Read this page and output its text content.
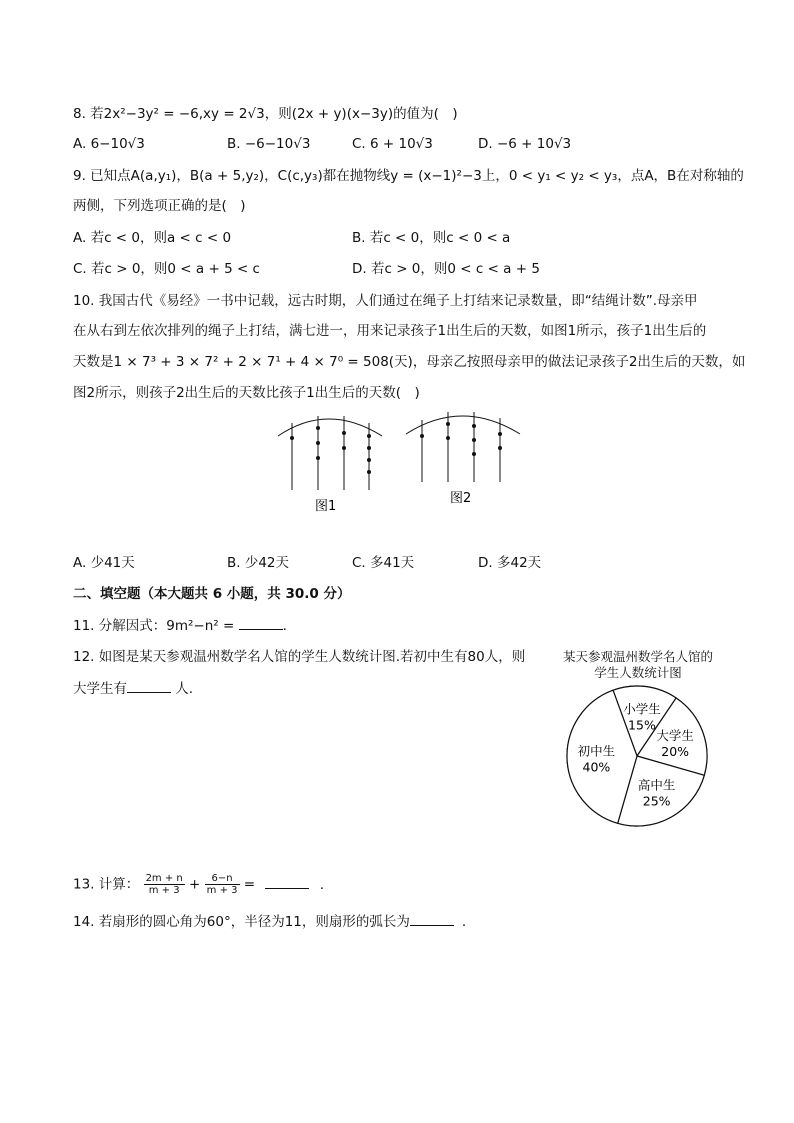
8. 若2x²−3y² = −6,xy = 2√3，则(2x + y)(x−3y)的值为(　)
A. 6−10√3	B. −6−10√3	C. 6 + 10√3	D. −6 + 10√3
9. 已知点A(a,y₁)，B(a + 5,y₂)，C(c,y₃)都在抛物线y = (x−1)²−3上，0 < y₁ < y₂ < y₃，点A，B在对称轴的
两侧，下列选项正确的是(　)
A. 若c < 0，则a < c < 0	B. 若c < 0，则c < 0 < a
C. 若c > 0，则0 < a + 5 < c	D. 若c > 0，则0 < c < a + 5
10. 我国古代《易经》一书中记载，远古时期，人们通过在绳子上打结来记录数量，即“结绳计数”.母亲甲
在从右到左依次排列的绳子上打结，满七进一，用来记录孩子1出生后的天数，如图1所示，孩子1出生后的
天数是1 × 7³ + 3 × 7² + 2 × 7¹ + 4 × 7⁰ = 508(天)，母亲乙按照母亲甲的做法记录孩子2出生后的天数，如
图2所示，则孩子2出生后的天数比孩子1出生后的天数(　)
图1
图2
A. 少41天	B. 少42天	C. 多41天	D. 多42天
二、填空题（本大题共 6 小题，共 30.0 分）
11. 分解因式：9m²−n² =	.
12. 如图是某天参观温州数学名人馆的学生人数统计图.若初中生有80人，则
大学生有	人.
某天参观温州数学名人馆的
学生人数统计图
小学生
15%
大学生
20%
高中生
25%
初中生
40%
13. 计算： $\frac{2m + n}{m + 3} + \frac{6-n}{m + 3}$ =	.
14. 若扇形的圆心角为60°，半径为11，则扇形的弧长为	.
